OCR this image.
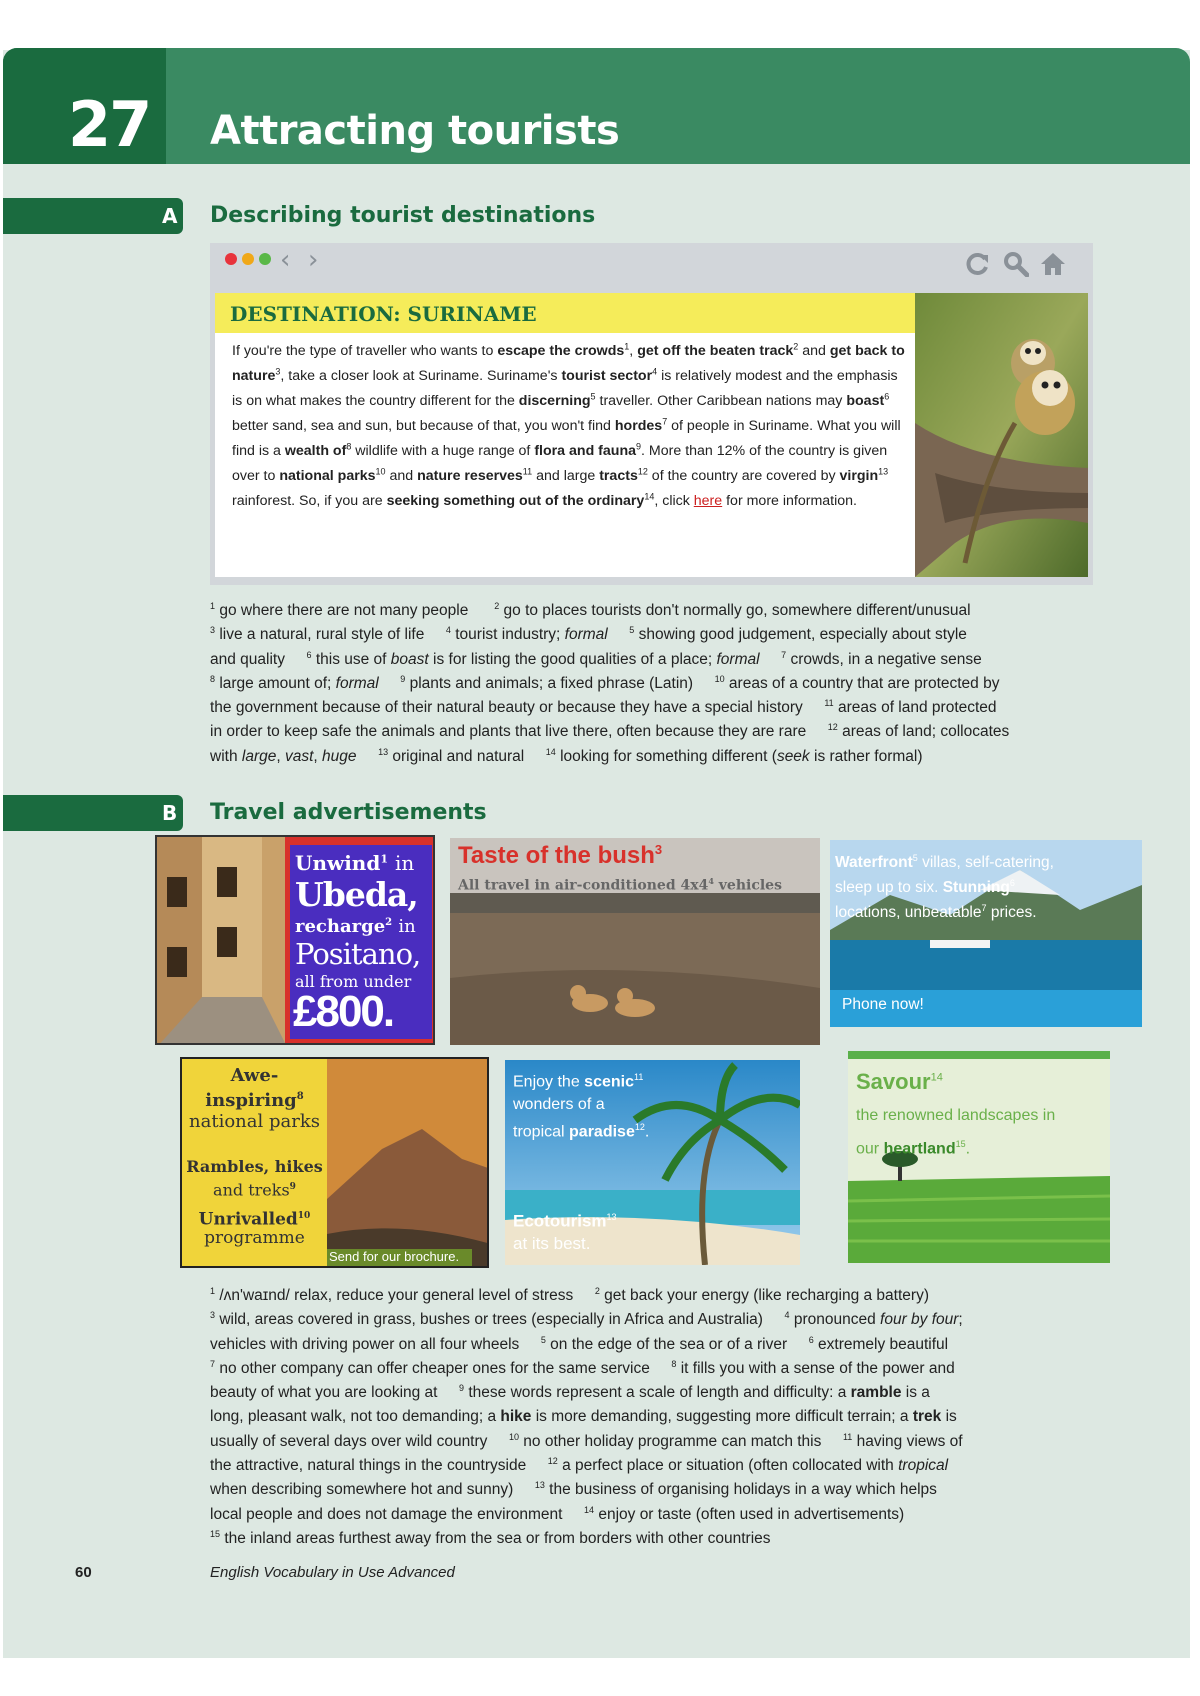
27 Attracting tourists
A Describing tourist destinations
‹ ›
DESTINATION: SURINAME
If you're the type of traveller who wants to escape the crowds$^1$, get off the beaten track$^2$ and get back to nature$^3$, take a closer look at Suriname. Suriname's tourist sector$^4$ is relatively modest and the emphasis is on what makes the country different for the discerning$^5$ traveller. Other Caribbean nations may boast$^6$ better sand, sea and sun, but because of that, you won't find hordes$^7$ of people in Suriname. What you will find is a wealth $of^8$ wildlife with a huge range of flora and fauna$^9$. More than 12% of the country is given over to national parks$^{10}$ and nature reserves$^{11}$ and large tracts$^{12}$ of the country are covered by virgin$^{13}$ rainforest. So, if you are seeking something out of the ordinary$^{14}$, click here for more information.
$^1$ go where there are not many people	$^2$ go to places tourists don't normally go, somewhere different/unusual
$^3$ live a natural, rural style of life $^4$ tourist industry; formal $^5$ showing good judgement, especially about style
and quality     $^6$ this use of boast is for listing the good qualities of a place; formal $^7$ crowds, in a negative sense
$^8$ large amount of; formal $^9$ plants and animals; a fixed phrase (Latin) $^{10}$ areas of a country that are protected by
the government because of their natural beauty or because they have a special history     $^{11}$ areas of land protected
in order to keep safe the animals and plants that live there, often because they are rare     $^{12}$ areas of land; collocates
with large, vast, huge $^{13}$ original and natural $^{14}$ looking for something different (seek is rather formal)
B Travel advertisements
Unwind$^1$ in
Ubeda,
recharge$^2$ in
Positano,
all from under
£800.
Taste of the bush$^3$
All travel in air-conditioned $4x4^4$ vehicles
Waterfront$^5$ villas, self-catering,
sleep up to six. Stunning$^6$
locations, unbeatable$^7$ prices.
Phone now!
Awe-
inspiring$^8$
national parks
Rambles, hikes
and treks$^9$
Unrivalled$^{10}$
programme
Send for our brochure.
Enjoy the scenic$^{11}$
wonders of a
tropical paradise$^{12}$.
Ecotourism$^{13}$
at its best.
Savour$^{14}$
the renowned landscapes in
our heartland$^{15}$.
$^1$ /ʌn'waɪnd/ relax, reduce your general level of stress $^2$ get back your energy (like recharging a battery)
$^3$ wild, areas covered in grass, bushes or trees (especially in Africa and Australia) $^4$ pronounced four by four;
vehicles with driving power on all four wheels $^5$ on the edge of the sea or of a river $^6$ extremely beautiful
$^7$ no other company can offer cheaper ones for the same service $^8$ it fills you with a sense of the power and
beauty of what you are looking at $^9$ these words represent a scale of length and difficulty: a ramble is a
long, pleasant walk, not too demanding; a hike is more demanding, suggesting more difficult terrain; a trek is
usually of several days over wild country $^{10}$ no other holiday programme can match this $^{11}$ having views of
the attractive, natural things in the countryside $^{12}$ a perfect place or situation (often collocated with tropical
when describing somewhere hot and sunny) $^{13}$ the business of organising holidays in a way which helps
local people and does not damage the environment $^{14}$ enjoy or taste (often used in advertisements)
$^{15}$ the inland areas furthest away from the sea or from borders with other countries
60	English Vocabulary in Use Advanced
